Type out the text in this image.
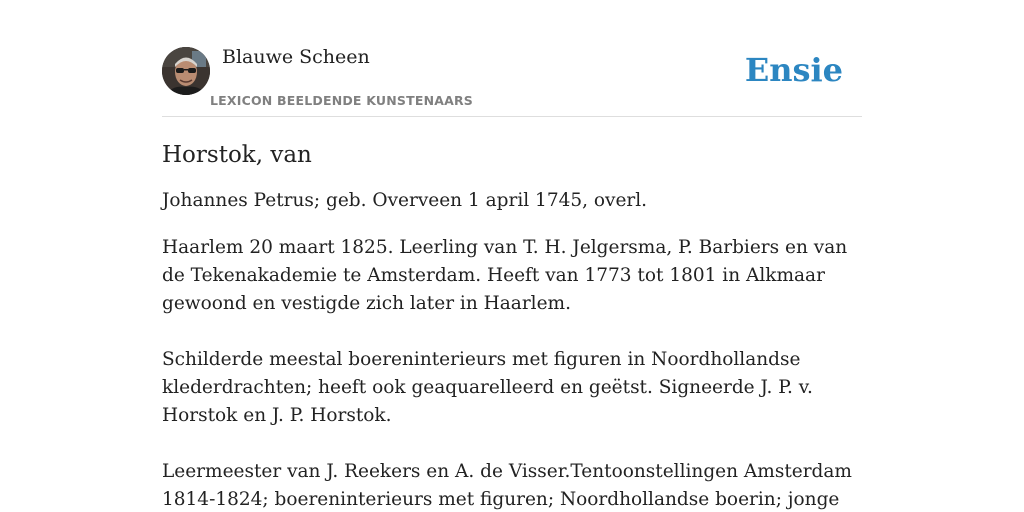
Blauwe Scheen
LEXICON BEELDENDE KUNSTENAARS
Ensie
Horstok, van

Johannes Petrus; geb. Overveen 1 april 1745, overl.

Haarlem 20 maart 1825. Leerling van T. H. Jelgersma, P. Barbiers en van de Tekenakademie te Amsterdam. Heeft van 1773 tot 1801 in Alkmaar gewoond en vestigde zich later in Haarlem.

Schilderde meestal boereninterieurs met figuren in Noordhollandse klederdrachten; heeft ook geaquarelleerd en geëtst. Signeerde J. P. v. Horstok en J. P. Horstok.

Leermeester van J. Reekers en A. de Visser.Tentoonstellingen Amsterdam 1814-1824; boereninterieurs met figuren; Noordhollandse boerin; jonge
